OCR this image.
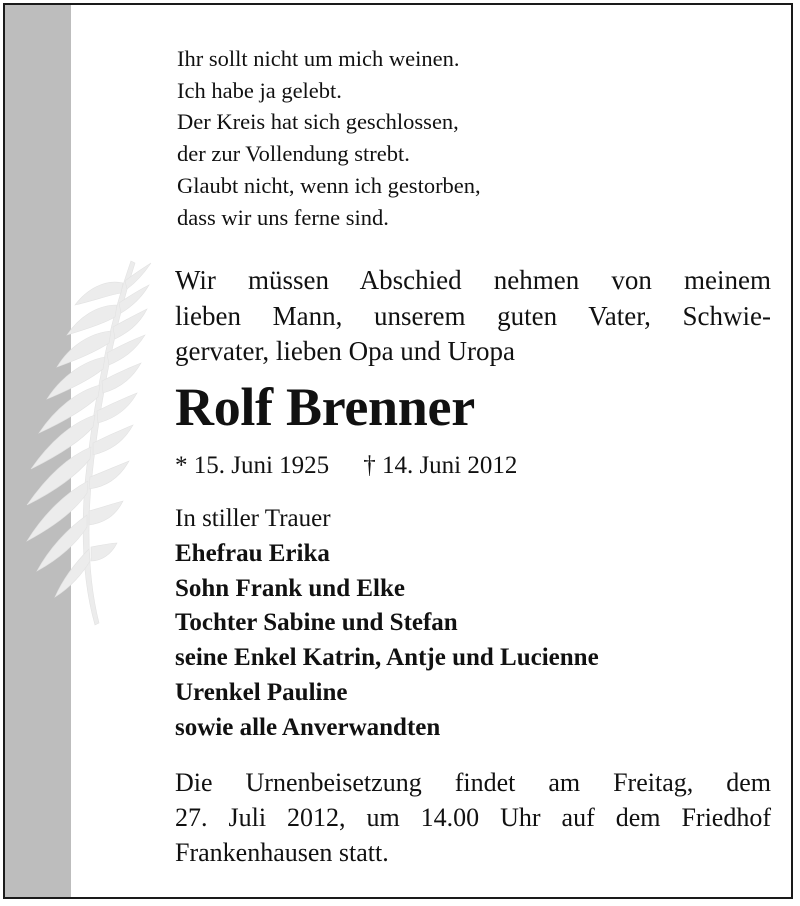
Ihr sollt nicht um mich weinen.
Ich habe ja gelebt.
Der Kreis hat sich geschlossen,
der zur Vollendung strebt.
Glaubt nicht, wenn ich gestorben,
dass wir uns ferne sind.
Wir müssen Abschied nehmen von meinem
lieben Mann, unserem guten Vater, Schwie-
gervater, lieben Opa und Uropa
Rolf Brenner
* 15. Juni 1925 † 14. Juni 2012
In stiller Trauer
Ehefrau Erika
Sohn Frank und Elke
Tochter Sabine und Stefan
seine Enkel Katrin, Antje und Lucienne
Urenkel Pauline
sowie alle Anverwandten
Die Urnenbeisetzung findet am Freitag, dem
27. Juli 2012, um 14.00 Uhr auf dem Friedhof
Frankenhausen statt.
